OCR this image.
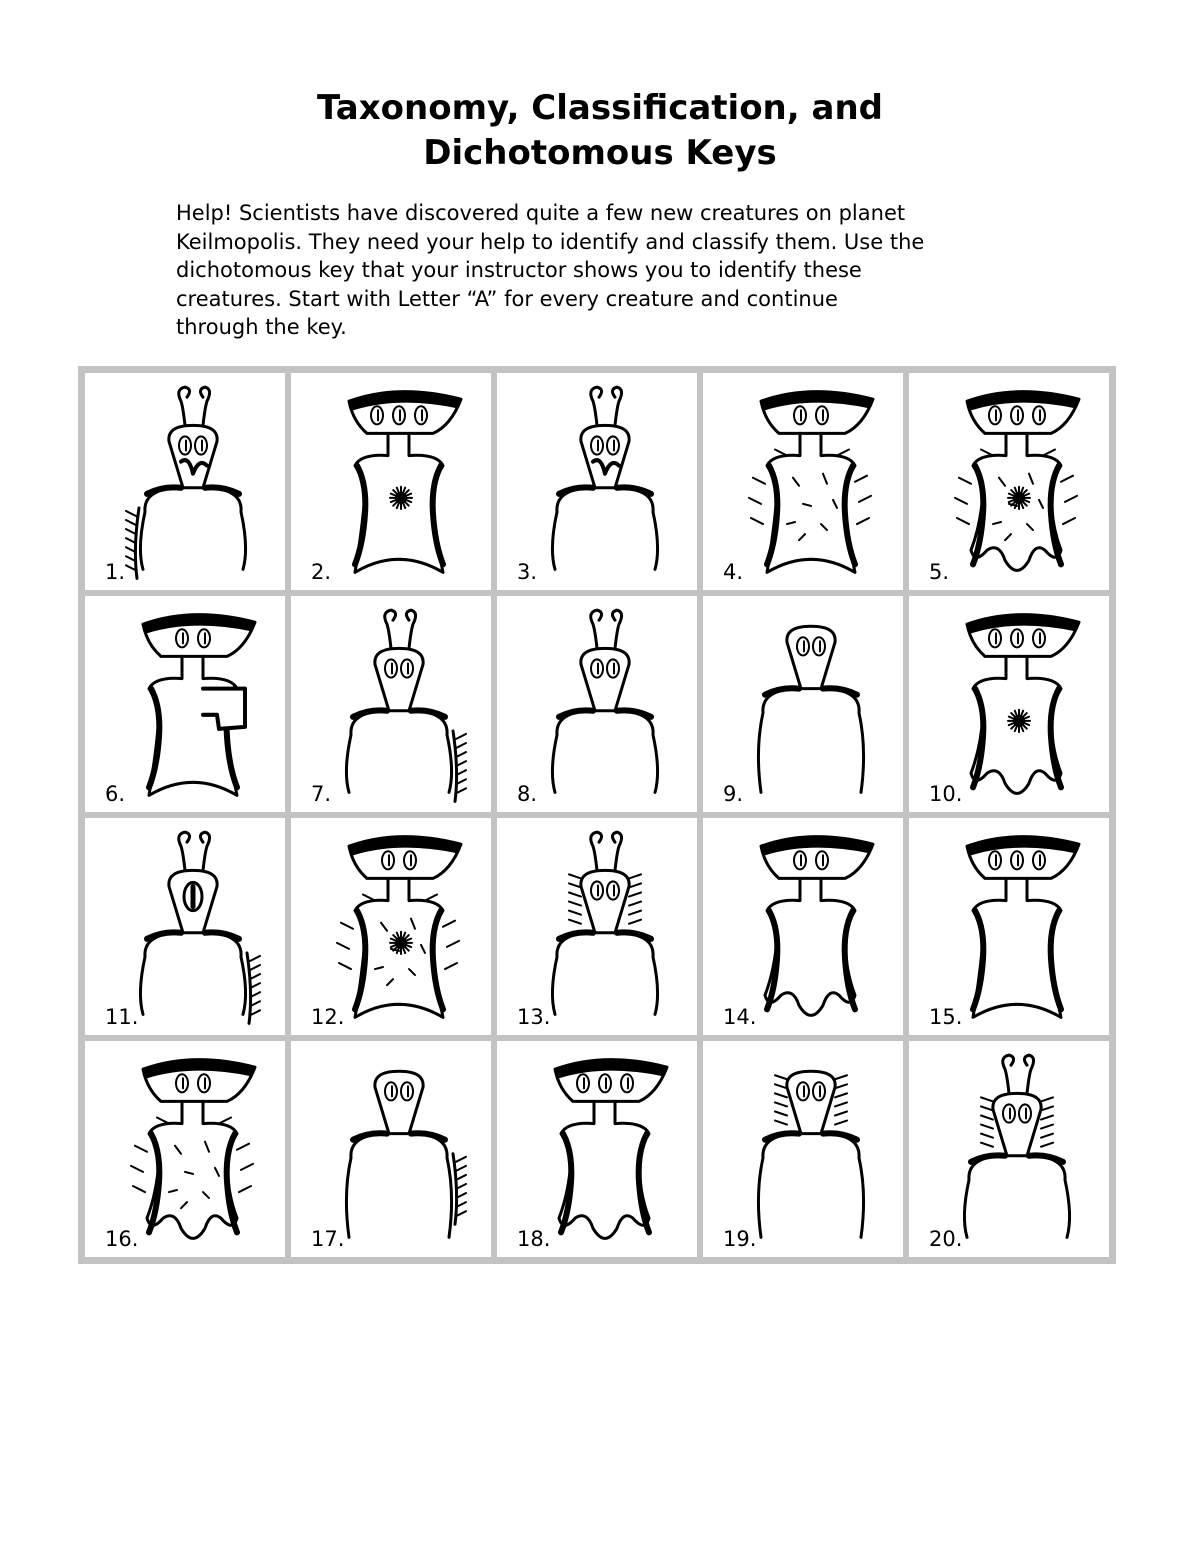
Taxonomy, Classification, and
Dichotomous Keys
Help! Scientists have discovered quite a few new creatures on planet
Keilmopolis. They need your help to identify and classify them. Use the
dichotomous key that your instructor shows you to identify these
creatures. Start with Letter “A” for every creature and continue
through the key.
1.	2.	3.	4.	5.
6.	7.	8.	9.	10.
11.	12.	13.	14.	15.
16.	17.	18.	19.	20.
